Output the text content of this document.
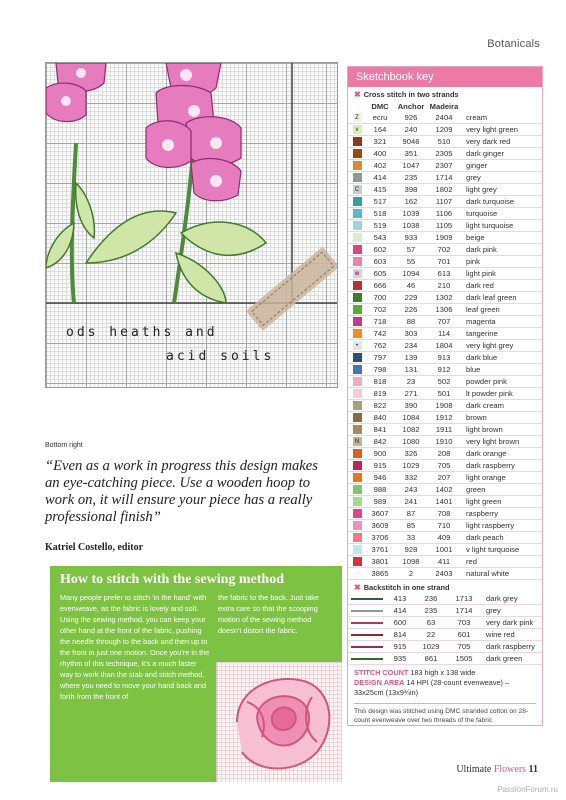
Botanicals
ods heaths and
acid soils
Bottom right
“Even as a work in progress this design makes an eye-catching piece. Use a wooden hoop to work on, it will ensure your piece has a really professional finish”
Katriel Costello, editor
How to stitch with the sewing method
Many people prefer to stitch ‘in the hand’ with evenweave, as the fabric is lovely and soft. Using the sewing method, you can keep your other hand at the front of the fabric, pushing the needle through to the back and then up to the front in just one motion. Once you’re in the rhythm of this technique, it’s a much faster way to work than the stab and stitch method, where you need to move your hand back and forth from the front of
the fabric to the back. Just take extra care so that the scooping motion of the sewing method doesn’t distort the fabric.
Sketchbook key
✖ Cross stitch in two strands
DMC	Anchor Madeira
Z	ecru	926	2404	cream
v	164	240	1209	very light green
321	9046	510	very dark red
400	351	2305	dark ginger
402	1047	2307	ginger
414	235	1714	grey
C	415	398	1802	light grey
517	162	1107	dark turquoise
518	1039	1106	turquoise
519	1038	1105	light turquoise
543	933	1909	beige
602	57	702	dark pink
603	55	701	pink
w	605	1094	613	light pink
666	46	210	dark red
700	229	1302	dark leaf green
702	226	1306	leaf green
718	88	707	magenta
742	303	114	tangerine
•	762	234	1804	very light grey
797	139	913	dark blue
798	131	912	blue
818	23	502	powder pink
819	271	501	lt powder pink
822	390	1908	dark cream
840	1084	1912	brown
841	1082	1911	light brown
N	842	1080	1910	very light brown
900	326	208	dark orange
915	1029	705	dark raspberry
946	332	207	light orange
988	243	1402	green
989	241	1401	light green
3607	87	708	raspberry
3609	85	710	light raspberry
3706	33	409	dark peach
3761	928	1001	v light turquoise
3801	1098	411	red
3865	2	2403	natural white
✖ Backstitch in one strand
413	236	1713	dark grey
414	235	1714	grey
600	63	703	very dark pink
814	22	601	wine red
915	1029	705	dark raspberry
935	861	1505	dark green
STITCH COUNT 183 high x 138 wide
DESIGN AREA 14 HPI (28-count evenweave) – 33x25cm (13x9¾in)
This design was stitched using DMC stranded cotton on 28-count evenweave over two threads of the fabric
Ultimate Flowers 11
PassionForum.ru
